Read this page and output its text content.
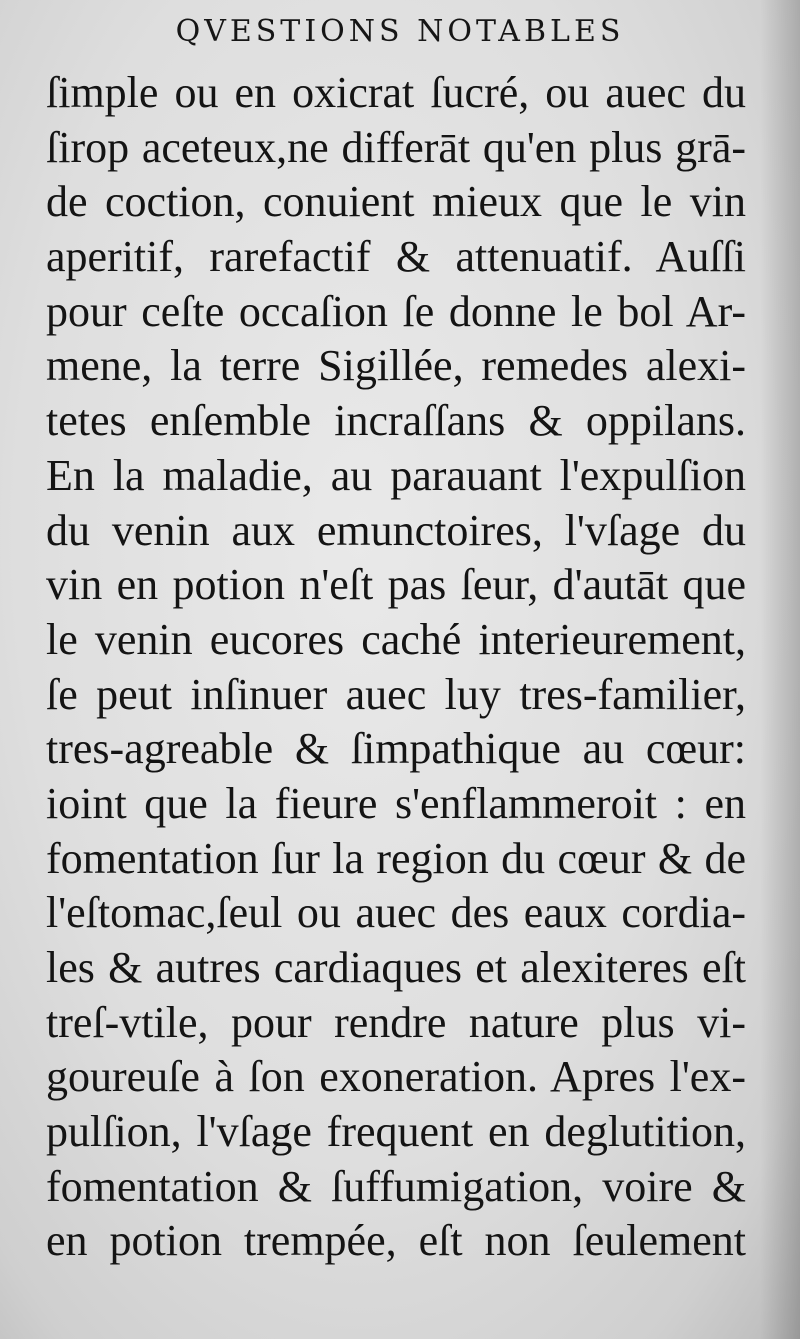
QVESTIONS NOTABLES
ſimple ou en oxicrat ſucré, ou auec du
ſirop aceteux,ne differāt qu'en plus grā-
de coction, conuient mieux que le vin
aperitif, rarefactif & attenuatif. Auſſi
pour ceſte occaſion ſe donne le bol Ar-
mene, la terre Sigillée, remedes alexi-
tetes enſemble incraſſans & oppilans.
En la maladie, au parauant l'expulſion
du venin aux emunctoires, l'vſage du
vin en potion n'eſt pas ſeur, d'autāt que
le venin eucores caché interieurement,
ſe peut inſinuer auec luy tres-familier,
tres-agreable & ſimpathique au cœur:
ioint que la fieure s'enflammeroit : en
fomentation ſur la region du cœur & de
l'eſtomac,ſeul ou auec des eaux cordia-
les & autres cardiaques et alexiteres eſt
treſ-vtile, pour rendre nature plus vi-
goureuſe à ſon exoneration. Apres l'ex-
pulſion, l'vſage frequent en deglutition,
fomentation & ſuffumigation, voire &
en potion trempée, eſt non ſeulement
